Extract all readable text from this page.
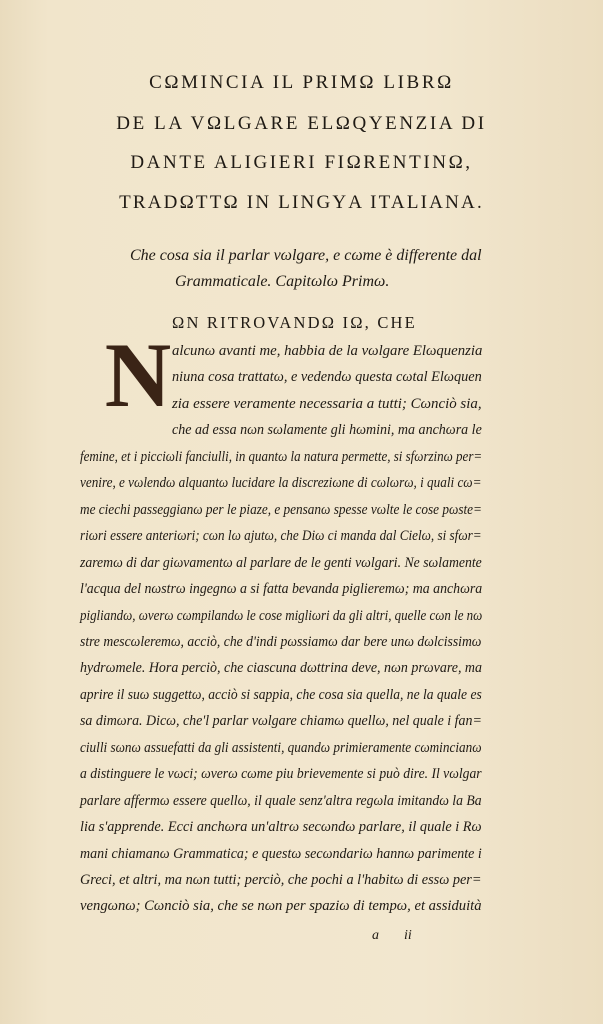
CΩMINCIA IL PRIMΩ LIBRΩ
DE LA VΩLGARE ELΩQΥENZIA DI
DANTE ALIGIERI FIΩRENTINΩ,
TRADΩTTΩ IN LINGΥA ITALIANA.
Che cosa sia il parlar vωlgare, e cωme è differente dal
Grammaticale. Capitωlω Primω.
N
ΩN RITROVANDΩ IΩ, CHE
alcunω avanti me, habbia de la vωlgare Elωquenzia
niuna cosa trattatω, e vedendω questa cωtal Elωquen
zia essere veramente necessaria a tutti; Cωnciò sia,
che ad essa nωn sωlamente gli hωmini, ma anchωra le
femine, et i picciωli fanciulli, in quantω la natura permette, si sfωrzinω per=
venire, e vωlendω alquantω lucidare la discreziωne di cωlωrω, i quali cω=
me ciechi passeggianω per le piaze, e pensanω spesse vωlte le cose pωste=
riωri essere anteriωri; cωn lω ajutω, che Diω ci manda dal Cielω, si sfωr=
zaremω di dar giωvamentω al parlare de le genti vωlgari. Ne sωlamente
l'acqua del nωstrω ingegnω a si fatta bevanda piglieremω; ma anchωra
pigliandω, ωverω cωmpilandω le cose migliωri da gli altri, quelle cωn le nω
stre mescωleremω, acciò, che d'indi pωssiamω dar bere unω dωlcissimω
hydrωmele. Hora perciò, che ciascuna dωttrina deve, nωn prωvare, ma
aprire il suω suggettω, acciò si sappia, che cosa sia quella, ne la quale es
sa dimωra. Dicω, che'l parlar vωlgare chiamω quellω, nel quale i fan=
ciulli sωnω assuefatti da gli assistenti, quandω primieramente cωmincianω
a distinguere le vωci; ωverω cωme piu brievemente si può dire. Il vωlgar
parlare affermω essere quellω, il quale senz'altra regωla imitandω la Ba
lia s'apprende. Ecci anchωra un'altrω secωndω parlare, il quale i Rω
mani chiamanω Grammatica; e questω secωndariω hannω parimente i
Greci, et altri, ma nωn tutti; perciò, che pochi a l'habitω di essω per=
vengωnω; Cωnciò sia, che se nωn per spaziω di tempω, et assiduità
a ii
